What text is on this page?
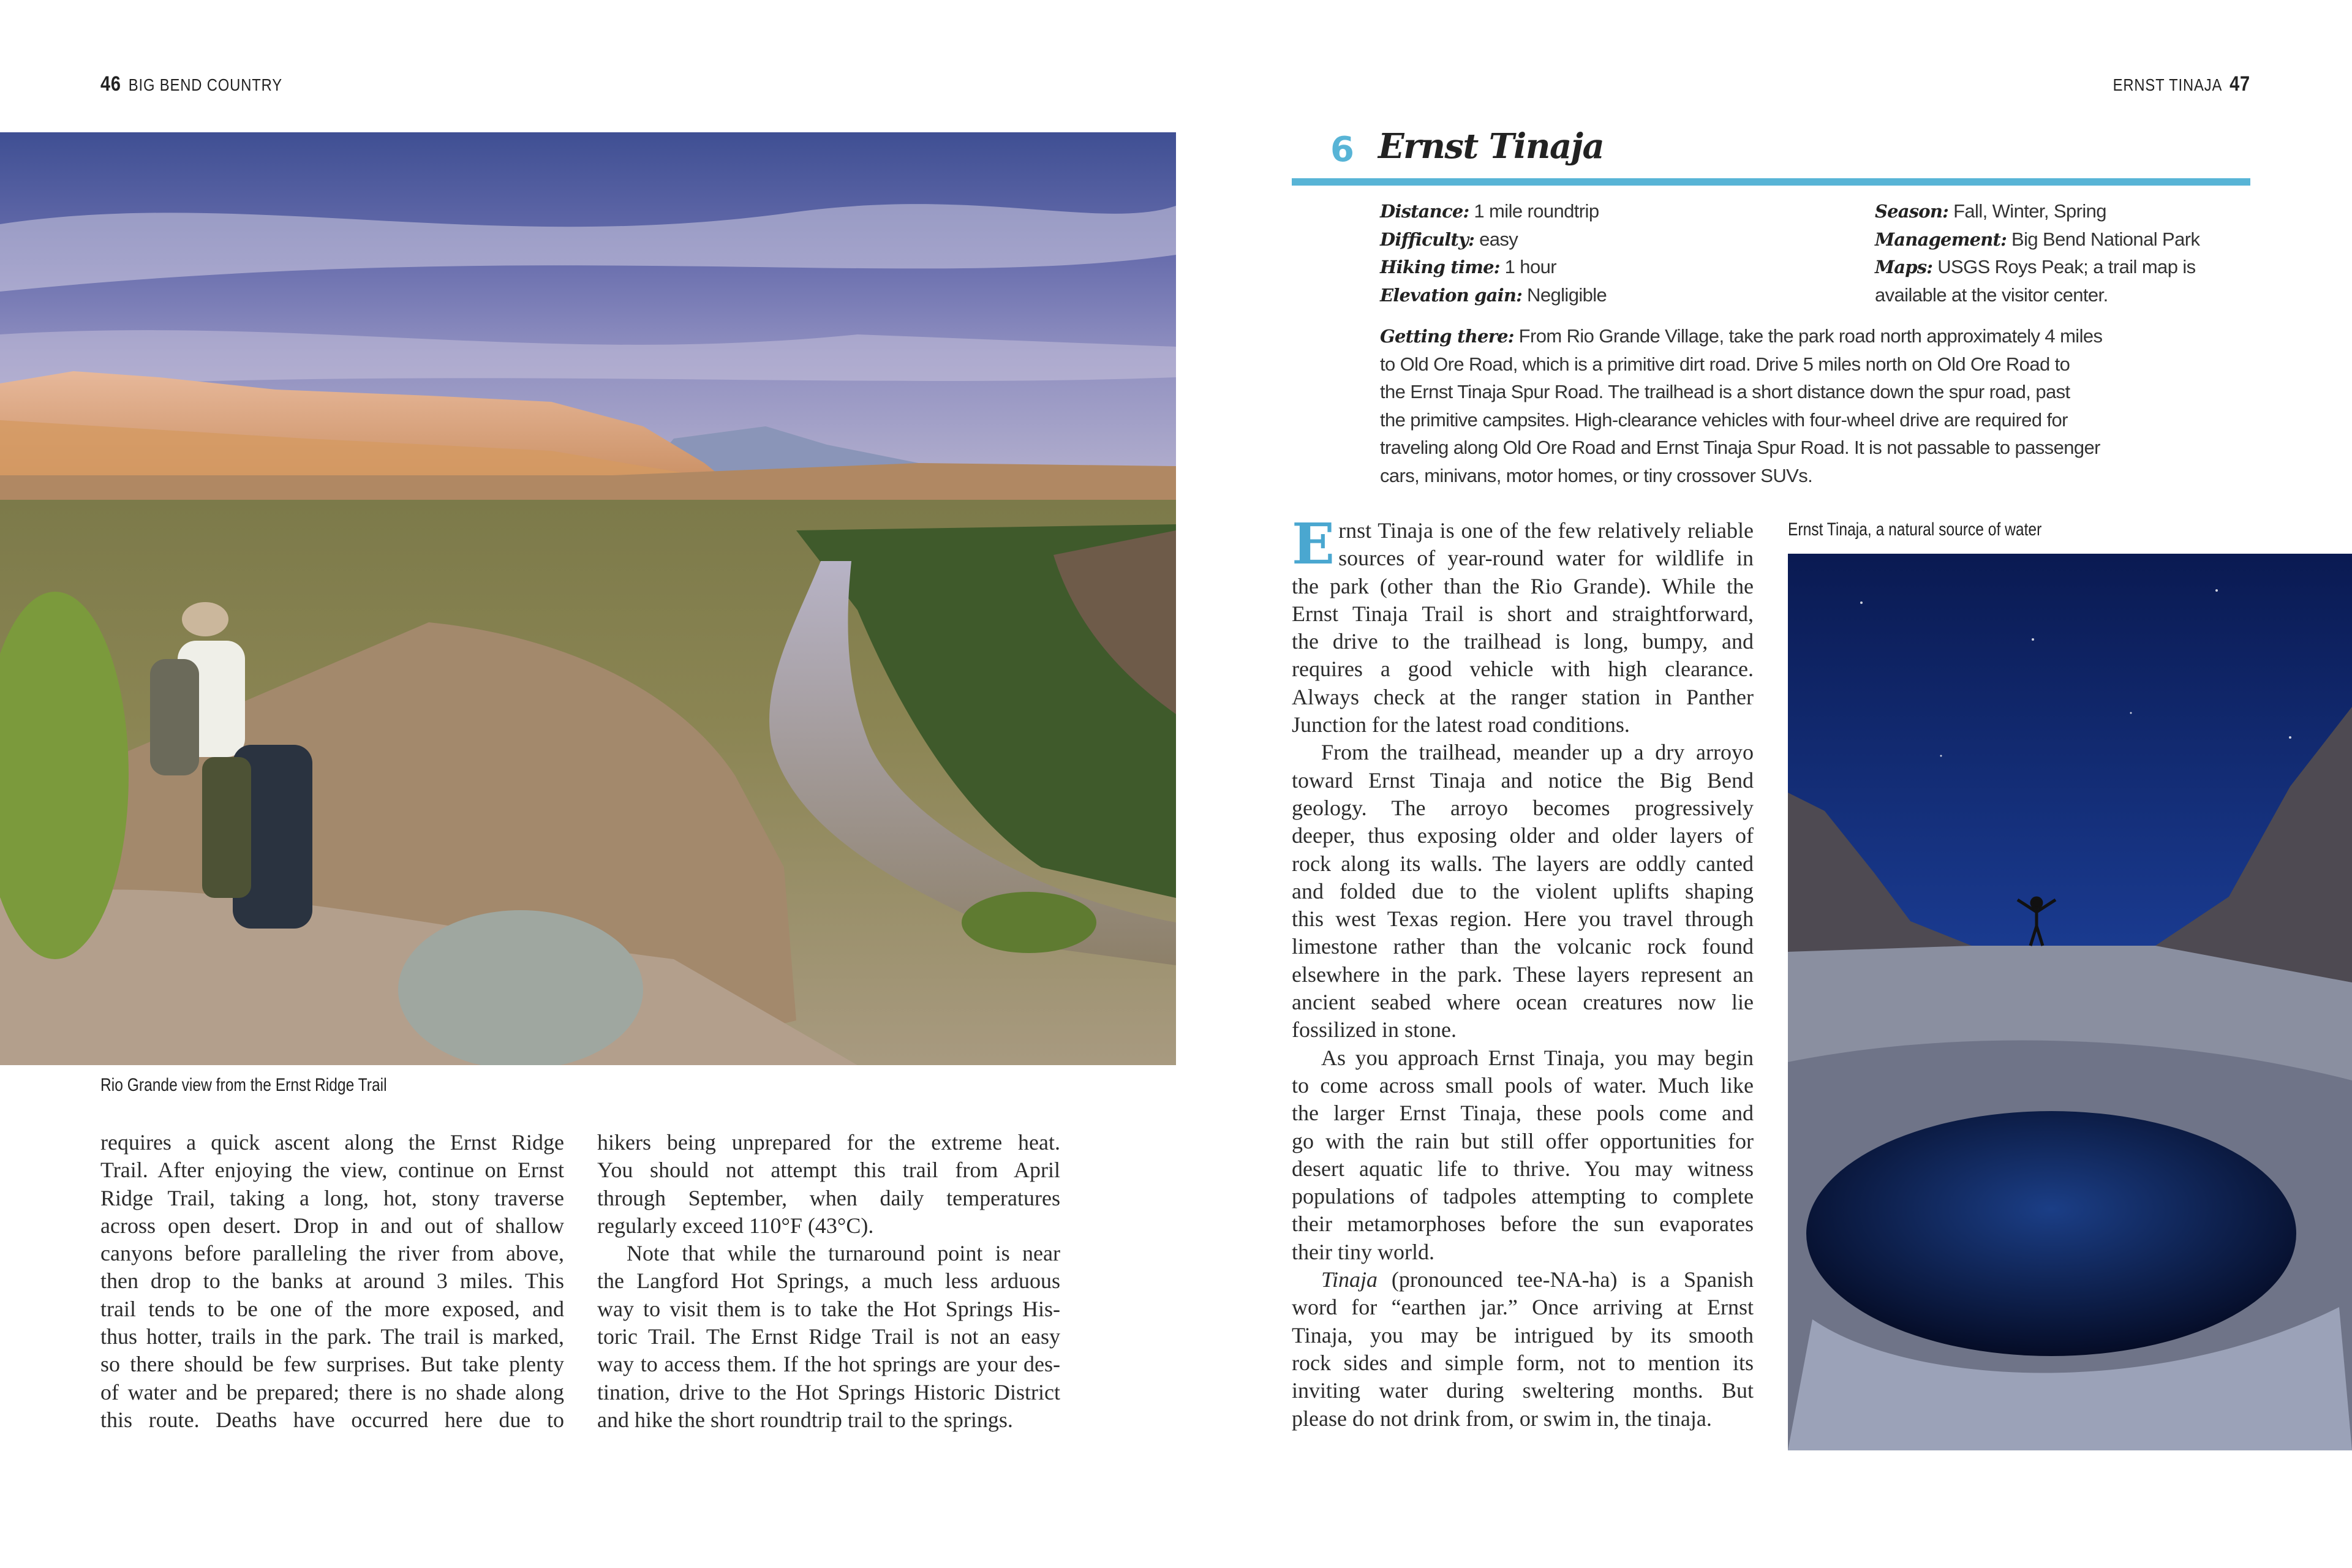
46 BIG BEND COUNTRY	ERNST TINAJA 47
Rio Grande view from the Ernst Ridge Trail
requires a quick ascent along the Ernst Ridge
Trail. After enjoying the view, continue on Ernst
Ridge Trail, taking a long, hot, stony traverse
across open desert. Drop in and out of shallow
canyons before paralleling the river from above,
then drop to the banks at around 3 miles. This
trail tends to be one of the more exposed, and
thus hotter, trails in the park. The trail is marked,
so there should be few surprises. But take plenty
of water and be prepared; there is no shade along
this route. Deaths have occurred here due to
hikers being unprepared for the extreme heat.
You should not attempt this trail from April
through September, when daily temperatures
regularly exceed 110°F (43°C).
Note that while the turnaround point is near
the Langford Hot Springs, a much less arduous
way to visit them is to take the Hot Springs His-
toric Trail. The Ernst Ridge Trail is not an easy
way to access them. If the hot springs are your des-
tination, drive to the Hot Springs Historic District
and hike the short roundtrip trail to the springs.
6 Ernst Tinaja
Distance: 1 mile roundtrip
Difficulty: easy
Hiking time: 1 hour
Elevation gain: Negligible
Season: Fall, Winter, Spring
Management: Big Bend National Park
Maps: USGS Roys Peak; a trail map is
available at the visitor center.
Getting there: From Rio Grande Village, take the park road north approximately 4 miles
to Old Ore Road, which is a primitive dirt road. Drive 5 miles north on Old Ore Road to
the Ernst Tinaja Spur Road. The trailhead is a short distance down the spur road, past
the primitive campsites. High-clearance vehicles with four-wheel drive are required for
traveling along Old Ore Road and Ernst Tinaja Spur Road. It is not passable to passenger
cars, minivans, motor homes, or tiny crossover SUVs.
E rnst Tinaja is one of the few relatively reliable
sources of year-round water for wildlife in
the park (other than the Rio Grande). While the
Ernst Tinaja Trail is short and straightforward,
the drive to the trailhead is long, bumpy, and
requires a good vehicle with high clearance.
Always check at the ranger station in Panther
Junction for the latest road conditions.
From the trailhead, meander up a dry arroyo
toward Ernst Tinaja and notice the Big Bend
geology. The arroyo becomes progressively
deeper, thus exposing older and older layers of
rock along its walls. The layers are oddly canted
and folded due to the violent uplifts shaping
this west Texas region. Here you travel through
limestone rather than the volcanic rock found
elsewhere in the park. These layers represent an
ancient seabed where ocean creatures now lie
fossilized in stone.
As you approach Ernst Tinaja, you may begin
to come across small pools of water. Much like
the larger Ernst Tinaja, these pools come and
go with the rain but still offer opportunities for
desert aquatic life to thrive. You may witness
populations of tadpoles attempting to complete
their metamorphoses before the sun evaporates
their tiny world.
Tinaja (pronounced tee-NA-ha) is a Spanish
word for “earthen jar.” Once arriving at Ernst
Tinaja, you may be intrigued by its smooth
rock sides and simple form, not to mention its
inviting water during sweltering months. But
please do not drink from, or swim in, the tinaja.
Ernst Tinaja, a natural source of water
